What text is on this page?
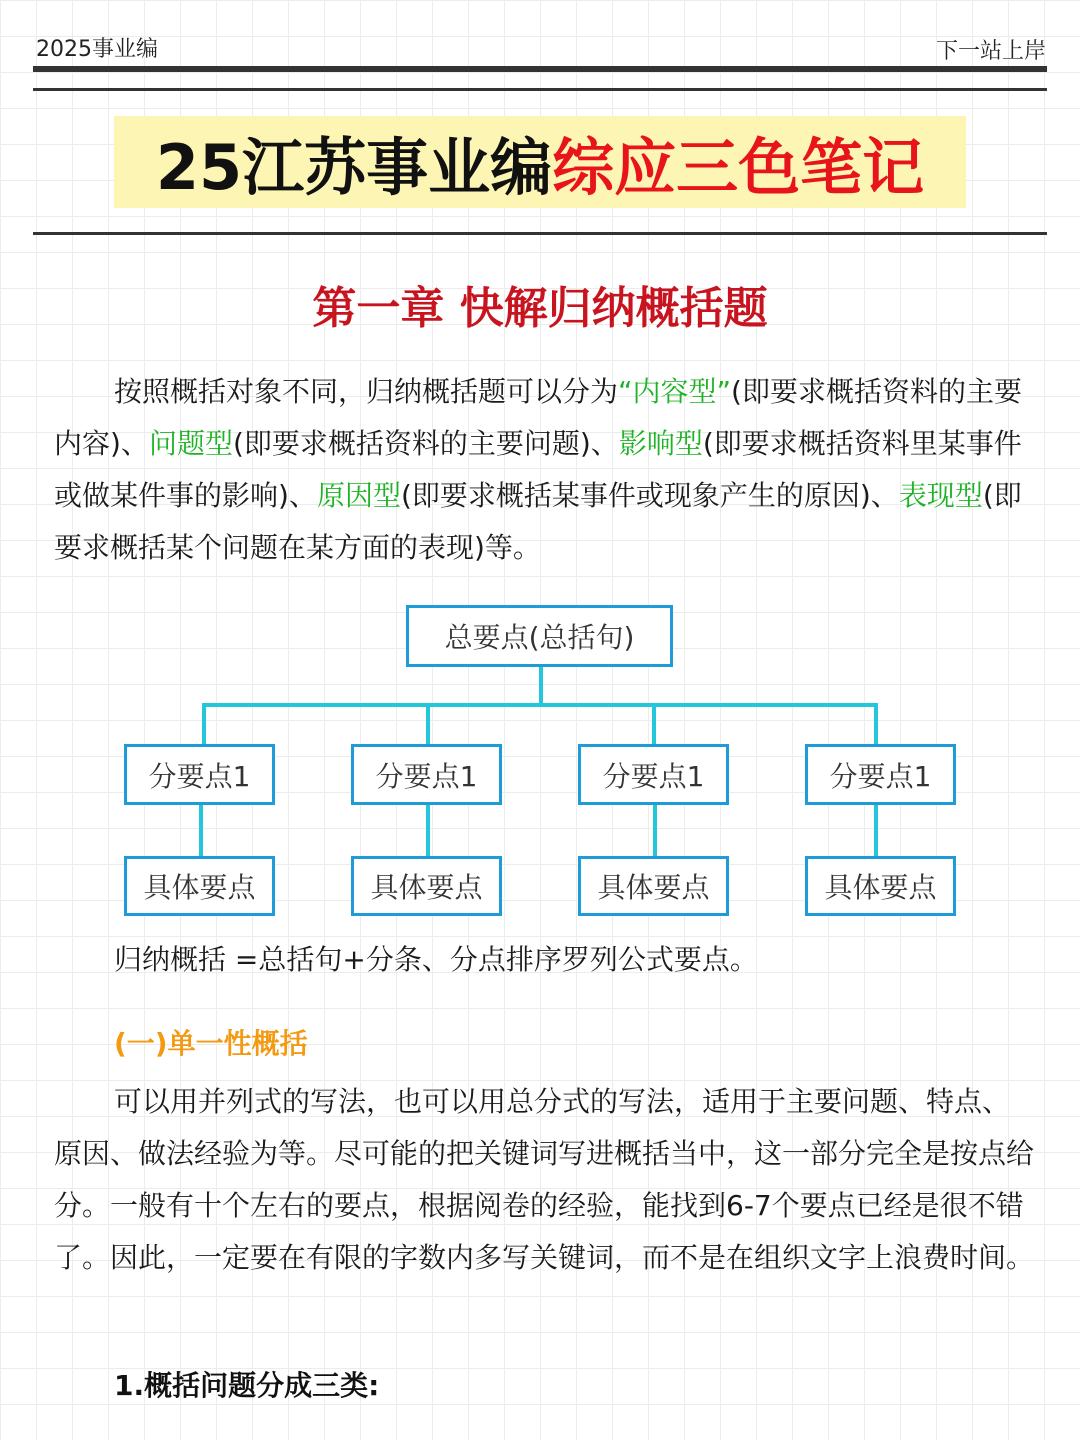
2025事业编	下一站上岸
25江苏事业编 综应三色笔记
第一章 快解归纳概括题
按照概括对象不同，归纳概括题可以分为“内容型”(即要求概括资料的主要内容)、问题型(即要求概括资料的主要问题)、影响型(即要求概括资料里某事件或做某件事的影响)、原因型(即要求概括某事件或现象产生的原因)、表现型(即要求概括某个问题在某方面的表现)等。
总要点(总括句)
分要点1	分要点1	分要点1	分要点1
具体要点	具体要点	具体要点	具体要点
归纳概括 =总括句+分条、分点排序罗列公式要点。
(一)单一性概括
可以用并列式的写法，也可以用总分式的写法，适用于主要问题、特点、原因、做法经验为等。尽可能的把关键词写进概括当中，这一部分完全是按点给分。一般有十个左右的要点，根据阅卷的经验，能找到6-7个要点已经是很不错了。因此，一定要在有限的字数内多写关键词，而不是在组织文字上浪费时间。
1.概括问题分成三类:
